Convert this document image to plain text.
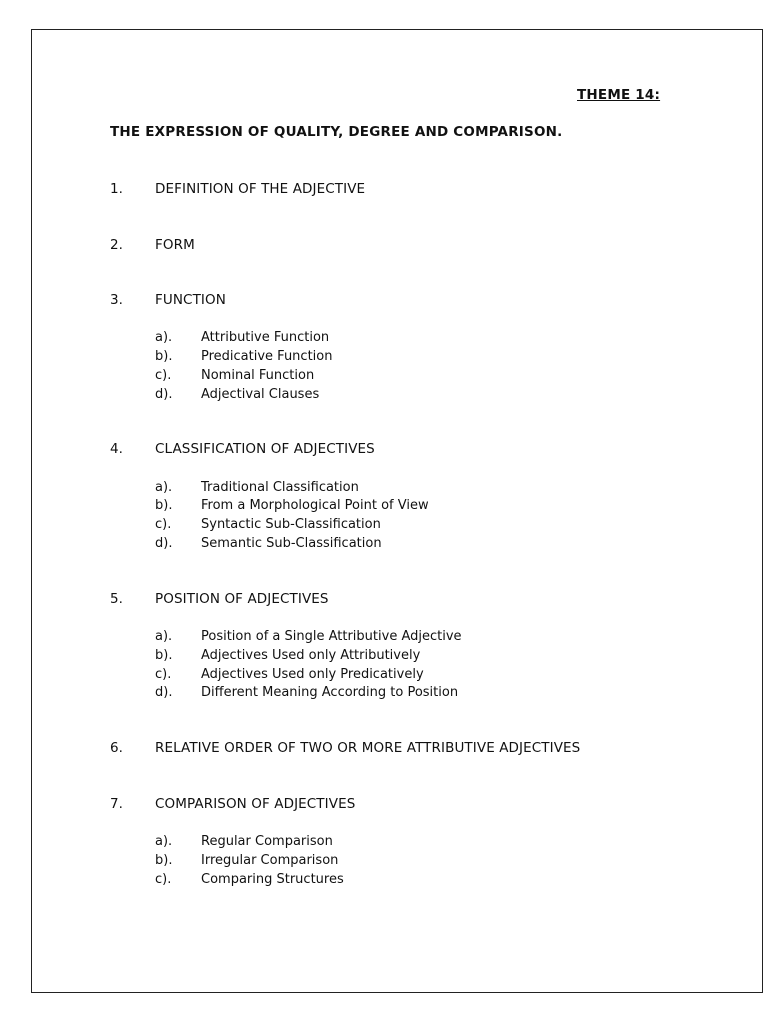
THEME 14:
THE EXPRESSION OF QUALITY, DEGREE AND COMPARISON.
1. DEFINITION OF THE ADJECTIVE
2. FORM
3. FUNCTION
a). Attributive Function
b). Predicative Function
c). Nominal Function
d). Adjectival Clauses
4. CLASSIFICATION OF ADJECTIVES
a). Traditional Classification
b). From a Morphological Point of View
c). Syntactic Sub-Classification
d). Semantic Sub-Classification
5. POSITION OF ADJECTIVES
a). Position of a Single Attributive Adjective
b). Adjectives Used only Attributively
c). Adjectives Used only Predicatively
d). Different Meaning According to Position
6. RELATIVE ORDER OF TWO OR MORE ATTRIBUTIVE ADJECTIVES
7. COMPARISON OF ADJECTIVES
a). Regular Comparison
b). Irregular Comparison
c). Comparing Structures
